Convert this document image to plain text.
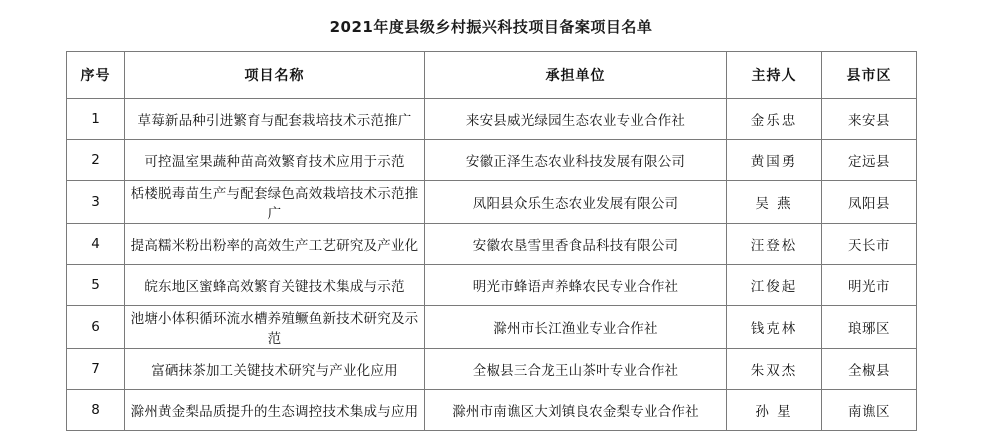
2021年度县级乡村振兴科技项目备案项目名单
序号	项目名称	承担单位	主持人	县市区
1	草莓新品种引进繁育与配套栽培技术示范推广	来安县威光绿园生态农业专业合作社	金乐忠	来安县
2	可控温室果蔬种苗高效繁育技术应用于示范	安徽正泽生态农业科技发展有限公司	黄国勇	定远县
3	栝楼脱毒苗生产与配套绿色高效栽培技术示范推广	凤阳县众乐生态农业发展有限公司	吴 燕	凤阳县
4	提高糯米粉出粉率的高效生产工艺研究及产业化	安徽农垦雪里香食品科技有限公司	汪登松	天长市
5	皖东地区蜜蜂高效繁育关键技术集成与示范	明光市蜂语声养蜂农民专业合作社	江俊起	明光市
6	池塘小体积循环流水槽养殖鳜鱼新技术研究及示范	滁州市长江渔业专业合作社	钱克林	琅琊区
7	富硒抹茶加工关键技术研究与产业化应用	全椒县三合龙王山茶叶专业合作社	朱双杰	全椒县
8	滁州黄金梨品质提升的生态调控技术集成与应用	滁州市南谯区大刘镇良农金梨专业合作社	孙 星	南谯区
